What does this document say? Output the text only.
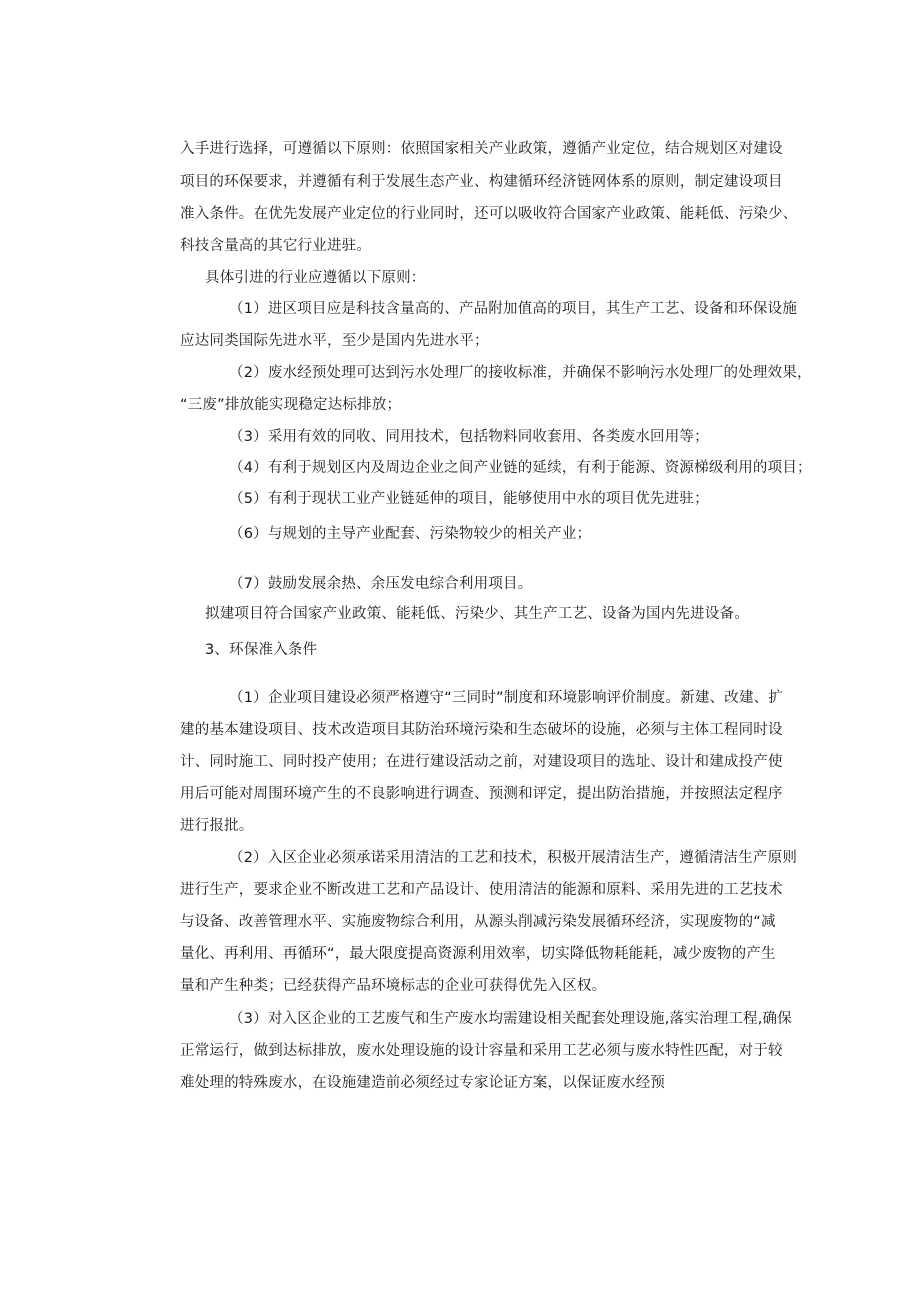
入手进行选择，可遵循以下原则：依照国家相关产业政策，遵循产业定位，结合规划区对建设
项目的环保要求，并遵循有利于发展生态产业、构建循环经济链网体系的原则，制定建设项目
准入条件。在优先发展产业定位的行业同时，还可以吸收符合国家产业政策、能耗低、污染少、
科技含量高的其它行业进驻。
具体引进的行业应遵循以下原则：
（1）进区项目应是科技含量高的、产品附加值高的项目，其生产工艺、设备和环保设施
应达同类国际先进水平，至少是国内先进水平；
（2）废水经预处理可达到污水处理厂的接收标准，并确保不影响污水处理厂的处理效果，
“三废”排放能实现稳定达标排放；
（3）采用有效的同收、同用技术，包括物料同收套用、各类废水回用等；
（4）有利于规划区内及周边企业之间产业链的延续，有利于能源、资源梯级利用的项目；
（5）有利于现状工业产业链延伸的项目，能够使用中水的项目优先进驻；
（6）与规划的主导产业配套、污染物较少的相关产业；
（7）鼓励发展余热、余压发电综合利用项目。
拟建项目符合国家产业政策、能耗低、污染少、其生产工艺、设备为国内先进设备。
3、环保准入条件
（1）企业项目建设必须严格遵守“三同时”制度和环境影响评价制度。新建、改建、扩
建的基本建设项目、技术改造项目其防治环境污染和生态破坏的设施，必须与主体工程同时设
计、同时施工、同时投产使用；在进行建设活动之前，对建设项目的选址、设计和建成投产使
用后可能对周围环境产生的不良影响进行调查、预测和评定，提出防治措施，并按照法定程序
进行报批。
（2）入区企业必须承诺采用清洁的工艺和技术，积极开展清洁生产，遵循清洁生产原则
进行生产，要求企业不断改进工艺和产品设计、使用清洁的能源和原料、采用先进的工艺技术
与设备、改善管理水平、实施废物综合利用，从源头削减污染发展循环经济，实现废物的“减
量化、再利用、再循环“，最大限度提高资源利用效率，切实降低物耗能耗，减少废物的产生
量和产生种类；已经获得产品环境标志的企业可获得优先入区权。
（3）对入区企业的工艺废气和生产废水均需建设相关配套处理设施,落实治理工程,确保
正常运行，做到达标排放，废水处理设施的设计容量和采用工艺必须与废水特性匹配，对于较
难处理的特殊废水，在设施建造前必须经过专家论证方案，以保证废水经预
